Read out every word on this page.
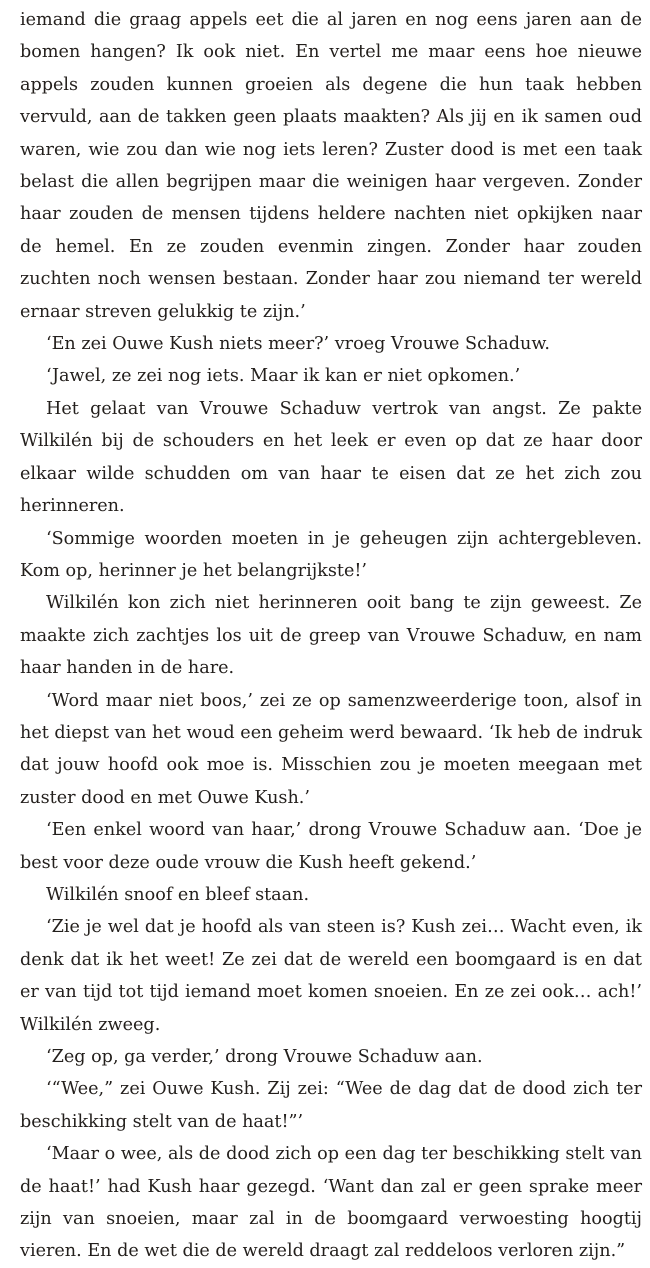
iemand die graag appels eet die al jaren en nog eens jaren aan de bomen hangen? Ik ook niet. En vertel me maar eens hoe nieuwe appels zouden kunnen groeien als degene die hun taak hebben vervuld, aan de takken geen plaats maakten? Als jij en ik samen oud waren, wie zou dan wie nog iets leren? Zuster dood is met een taak belast die allen begrijpen maar die weinigen haar vergeven. Zonder haar zouden de mensen tijdens heldere nachten niet opkijken naar de hemel. En ze zouden evenmin zingen. Zonder haar zouden zuchten noch wensen bestaan. Zonder haar zou niemand ter wereld ernaar streven gelukkig te zijn.’

‘En zei Ouwe Kush niets meer?’ vroeg Vrouwe Schaduw.

‘Jawel, ze zei nog iets. Maar ik kan er niet opkomen.’

Het gelaat van Vrouwe Schaduw vertrok van angst. Ze pakte Wilkilén bij de schouders en het leek er even op dat ze haar door elkaar wilde schudden om van haar te eisen dat ze het zich zou herinneren.

‘Sommige woorden moeten in je geheugen zijn achtergebleven. Kom op, herinner je het belangrijkste!’

Wilkilén kon zich niet herinneren ooit bang te zijn geweest. Ze maakte zich zachtjes los uit de greep van Vrouwe Schaduw, en nam haar handen in de hare.

‘Word maar niet boos,’ zei ze op samenzweerderige toon, alsof in het diepst van het woud een geheim werd bewaard. ‘Ik heb de indruk dat jouw hoofd ook moe is. Misschien zou je moeten meegaan met zuster dood en met Ouwe Kush.’

‘Een enkel woord van haar,’ drong Vrouwe Schaduw aan. ‘Doe je best voor deze oude vrouw die Kush heeft gekend.’

Wilkilén snoof en bleef staan.

‘Zie je wel dat je hoofd als van steen is? Kush zei… Wacht even, ik denk dat ik het weet! Ze zei dat de wereld een boomgaard is en dat er van tijd tot tijd iemand moet komen snoeien. En ze zei ook… ach!’ Wilkilén zweeg.

‘Zeg op, ga verder,’ drong Vrouwe Schaduw aan.

‘“Wee,” zei Ouwe Kush. Zij zei: “Wee de dag dat de dood zich ter beschikking stelt van de haat!”’

‘Maar o wee, als de dood zich op een dag ter beschikking stelt van de haat!’ had Kush haar gezegd. ‘Want dan zal er geen sprake meer zijn van snoeien, maar zal in de boomgaard verwoesting hoogtij vieren. En de wet die de wereld draagt zal reddeloos verloren zijn.”
